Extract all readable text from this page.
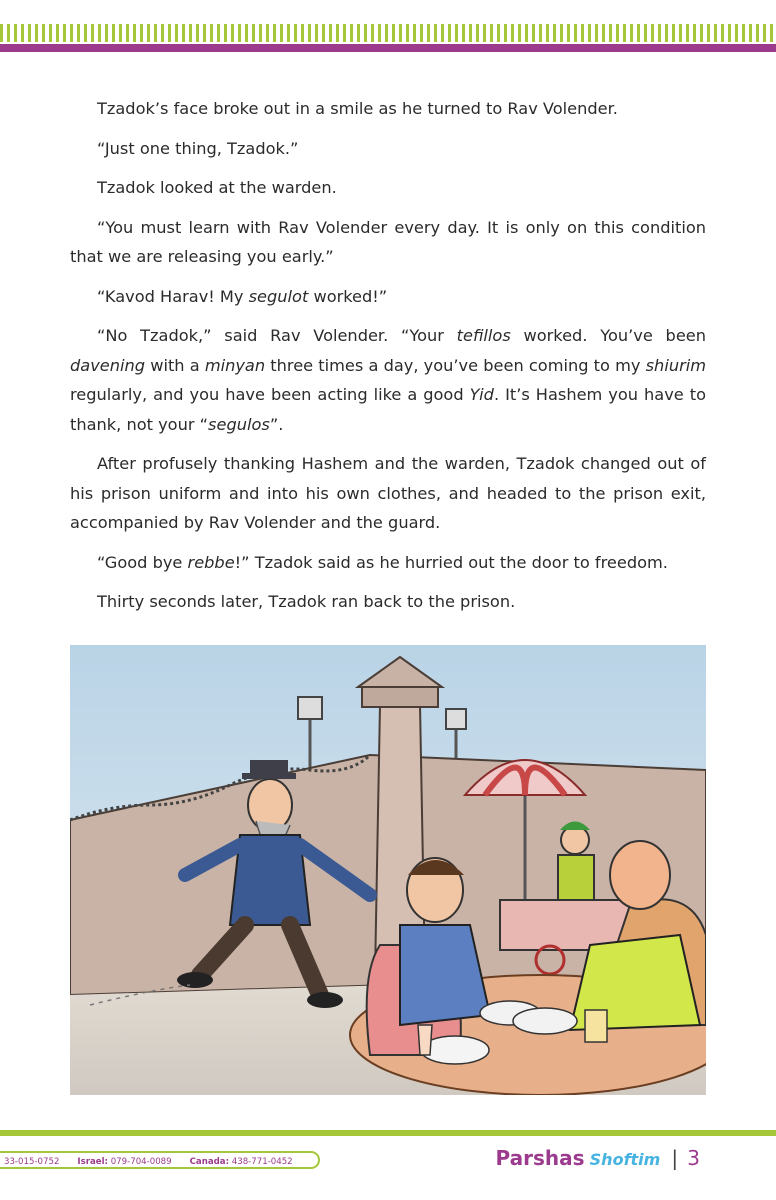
Tzadok’s face broke out in a smile as he turned to Rav Volender.

“Just one thing, Tzadok.”

Tzadok looked at the warden.

“You must learn with Rav Volender every day. It is only on this condition that we are releasing you early.”

“Kavod Harav! My segulot worked!”

“No Tzadok,” said Rav Volender. “Your tefillos worked. You’ve been davening with a minyan three times a day, you’ve been coming to my shiurim regularly, and you have been acting like a good Yid. It’s Hashem you have to thank, not your “segulos”.

After profusely thanking Hashem and the warden, Tzadok changed out of his prison uniform and into his own clothes, and headed to the prison exit, accompanied by Rav Volender and the guard.

“Good bye rebbe!” Tzadok said as he hurried out the door to freedom.

Thirty seconds later, Tzadok ran back to the prison.

33-015-0752 Israel: 079-704-0089 Canada: 438-771-0452	Parshas Shoftim | 3
